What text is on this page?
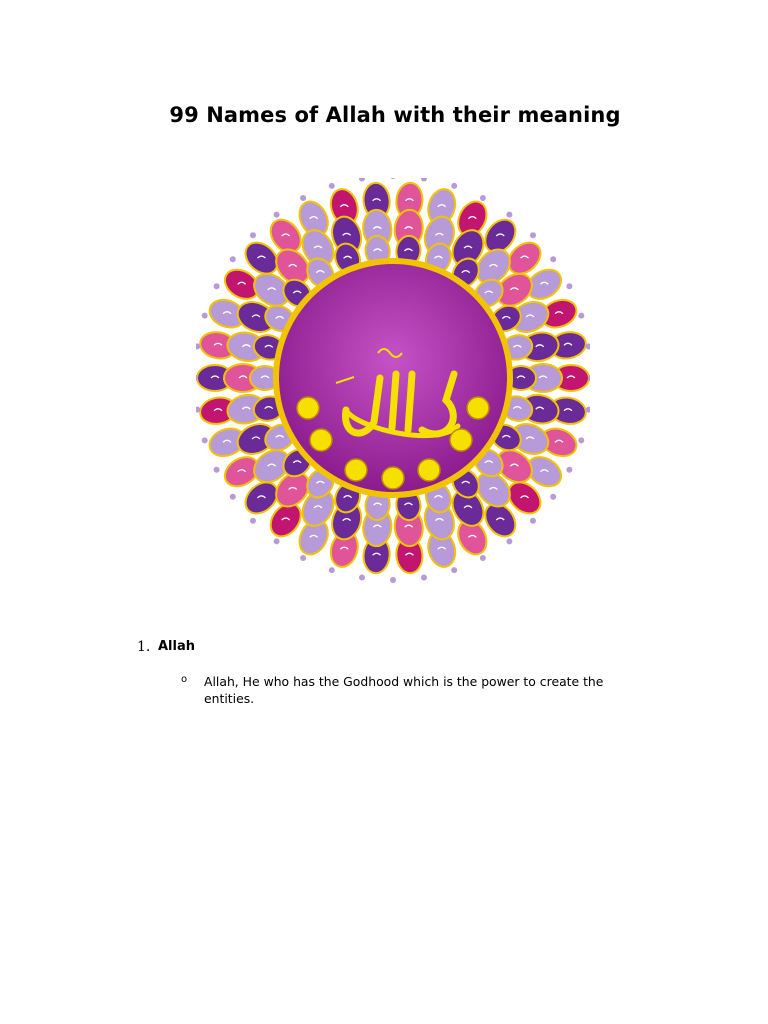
99 Names of Allah with their meaning
1. Allah
o Allah, He who has the Godhood which is the power to create the entities.
